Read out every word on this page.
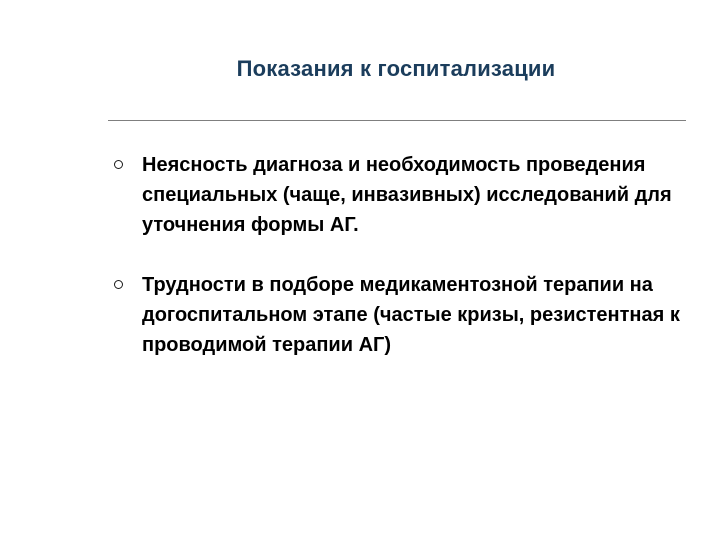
Показания к госпитализации
Неясность диагноза и необходимость проведения специальных (чаще, инвазивных) исследований для уточнения формы АГ.
Трудности в подборе медикаментозной терапии на догоспитальном этапе (частые кризы, резистентная к проводимой терапии АГ)
